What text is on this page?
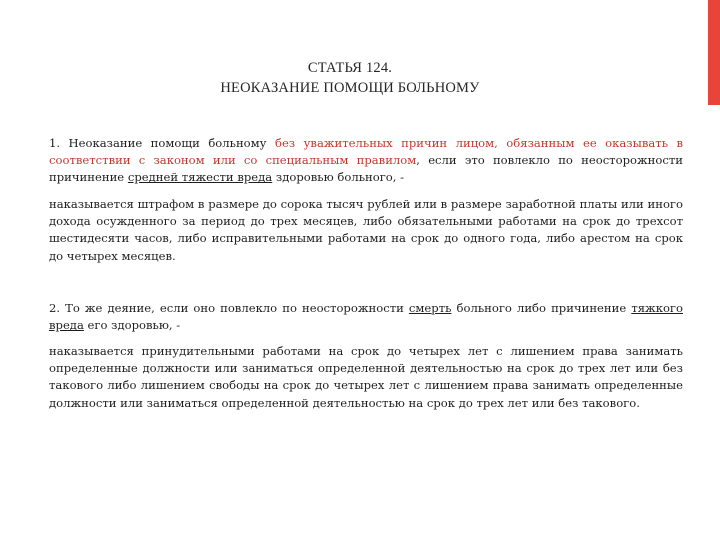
СТАТЬЯ 124.
НЕОКАЗАНИЕ ПОМОЩИ БОЛЬНОМУ
1. Неоказание помощи больному без уважительных причин лицом, обязанным ее оказывать в соответствии с законом или со специальным правилом, если это повлекло по неосторожности причинение средней тяжести вреда здоровью больного, -
наказывается штрафом в размере до сорока тысяч рублей или в размере заработной платы или иного дохода осужденного за период до трех месяцев, либо обязательными работами на срок до трехсот шестидесяти часов, либо исправительными работами на срок до одного года, либо арестом на срок до четырех месяцев.
2. То же деяние, если оно повлекло по неосторожности смерть больного либо причинение тяжкого вреда его здоровью, -
наказывается принудительными работами на срок до четырех лет с лишением права занимать определенные должности или заниматься определенной деятельностью на срок до трех лет или без такового либо лишением свободы на срок до четырех лет с лишением права занимать определенные должности или заниматься определенной деятельностью на срок до трех лет или без такового.
